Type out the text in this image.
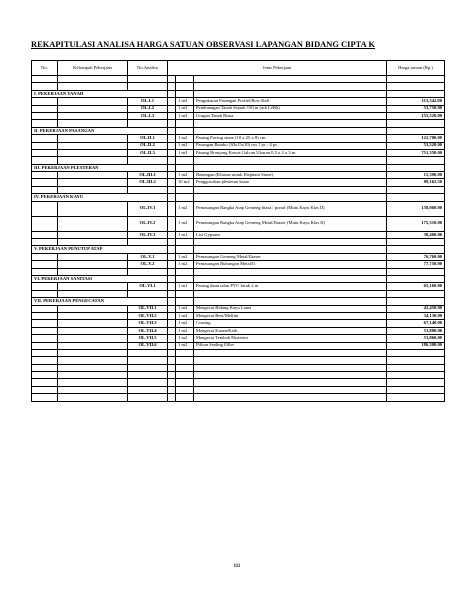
REKAPITULASI ANALISA HARGA SATUAN OBSERVASI LAPANGAN BIDANG CIPTA K
No.	Kelompok Pekerjaan	No.Analisa	Jenis Pekerjaan			Harga satuan (Rp.)

I. PEKERJAAN TANAH						
		OL.I.1		1 m3	Pengukuran Pasangan Profiel/Bow Kali	113,342.00
		OL.I.2		1 m3	Pembuangan Tanah Sejauh 150 m (utk LeBh)	53,750.00
		OL.I.3		1 m3	Urugan Tanah Biasa	155,520.00

II. PEKERJAAN PASANGAN						
		OL.II.1		1 m2	Pasang Paving stone (10 x 25 x 8) cm	122,700.00
		OL.II.2		1 m2	Pasangan Batako (30x15x10) cm 1 pc : 4 ps	53,520.00
		OL.II.3		1 m3	Pasang Bronjong Kawat Galvan Ukuran 0,5 x 2 x 3 m	751,350.00

III. PEKERJAAN PLESTERAN						
		OL.III.1		1 m2	Benangan (Khusus untuk Elephant Stone)	15,390.00
		OL.III.2		10 m2	Penggosokan plesteran kasar	89,162.50

IV. PEKERJAAN KAYU						
		OL.IV.1		1 m2	Pemasangan Rangka Atap Genteng biasa / portal (Mutu Kayu Klas II)	158,060.00
		OL.IV.2		1 m2	Pemasangan Rangka Atap Genteng Metal/Ilsaser (Mutu Kayu Klas II)	175,310.00
		OL.IV.3		1 m1	List Gypsum	38,460.00

V. PEKERJAAN PENUTUP ATAP						
		OL.V.1		1 m2	Pemasangan Genteng Metal/Ilsaser	76,760.00
		OL.V.2		1 m2	Pemasangan Bubungan Metal/Il	77,750.00

VI. PEKERJAAN SANITASI						
		OL.VI.1		1 m1	Pasang daun talan PVC Jarak 2 m	65,160.00

VII. PEKERJAAN PENGECATAN						
		OL.VII.1		1 m2	Mengecat Bidang Kayu Lama	42,450.00
		OL.VII.2		1 m2	Mengecat Besi/Melfini	34,130.00
		OL.VII.3		1 m2	Coating	67,140.00
		OL.VII.4		1 m2	Mengecat Kusen/Kerb	51,880.00
		OL.VII.5		1 m2	Mengecat Tembok Eksterior	53,860.00
		OL.VII.6		1 m2	Pilitan Sealing Filler	186,300.00

111
